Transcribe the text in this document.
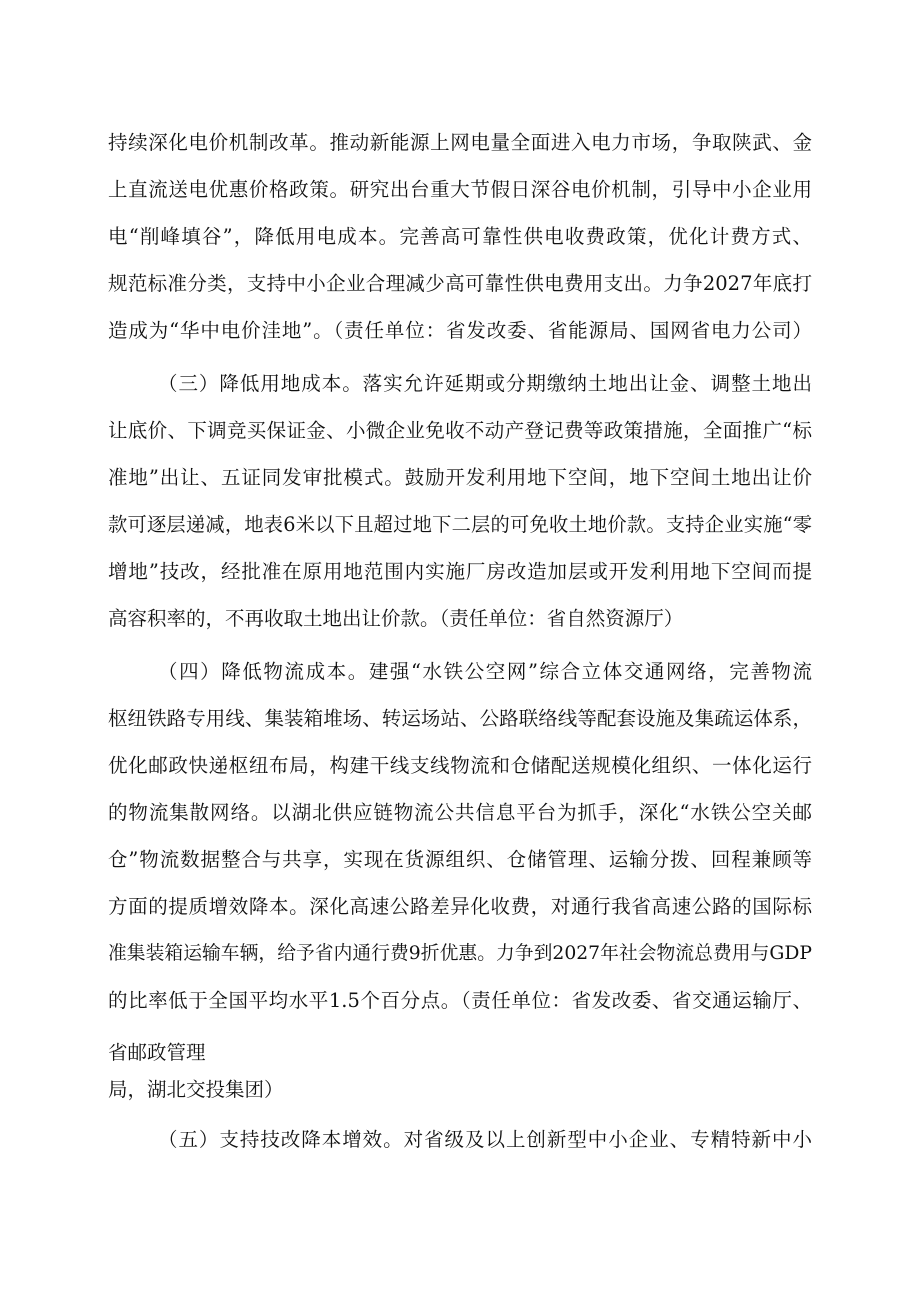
持续深化电价机制改革。推动新能源上网电量全面进入电力市场，争取陕武、金
上直流送电优惠价格政策。研究出台重大节假日深谷电价机制，引导中小企业用
电“削峰填谷”，降低用电成本。完善高可靠性供电收费政策，优化计费方式、
规范标准分类，支持中小企业合理减少高可靠性供电费用支出。力争2027年底打
造成为“华中电价洼地”。（责任单位：省发改委、省能源局、国网省电力公司）
（三）降低用地成本。落实允许延期或分期缴纳土地出让金、调整土地出
让底价、下调竞买保证金、小微企业免收不动产登记费等政策措施，全面推广“标
准地”出让、五证同发审批模式。鼓励开发利用地下空间，地下空间土地出让价
款可逐层递减，地表6米以下且超过地下二层的可免收土地价款。支持企业实施“零
增地”技改，经批准在原用地范围内实施厂房改造加层或开发利用地下空间而提
高容积率的，不再收取土地出让价款。（责任单位：省自然资源厅）
（四）降低物流成本。建强“水铁公空网”综合立体交通网络，完善物流
枢纽铁路专用线、集装箱堆场、转运场站、公路联络线等配套设施及集疏运体系，
优化邮政快递枢纽布局，构建干线支线物流和仓储配送规模化组织、一体化运行
的物流集散网络。以湖北供应链物流公共信息平台为抓手，深化“水铁公空关邮
仓”物流数据整合与共享，实现在货源组织、仓储管理、运输分拨、回程兼顾等
方面的提质增效降本。深化高速公路差异化收费，对通行我省高速公路的国际标
准集装箱运输车辆，给予省内通行费9折优惠。力争到2027年社会物流总费用与GDP
的比率低于全国平均水平1.5个百分点。（责任单位：省发改委、省交通运输厅、
省邮政管理
局，湖北交投集团）
（五）支持技改降本增效。对省级及以上创新型中小企业、专精特新中小
